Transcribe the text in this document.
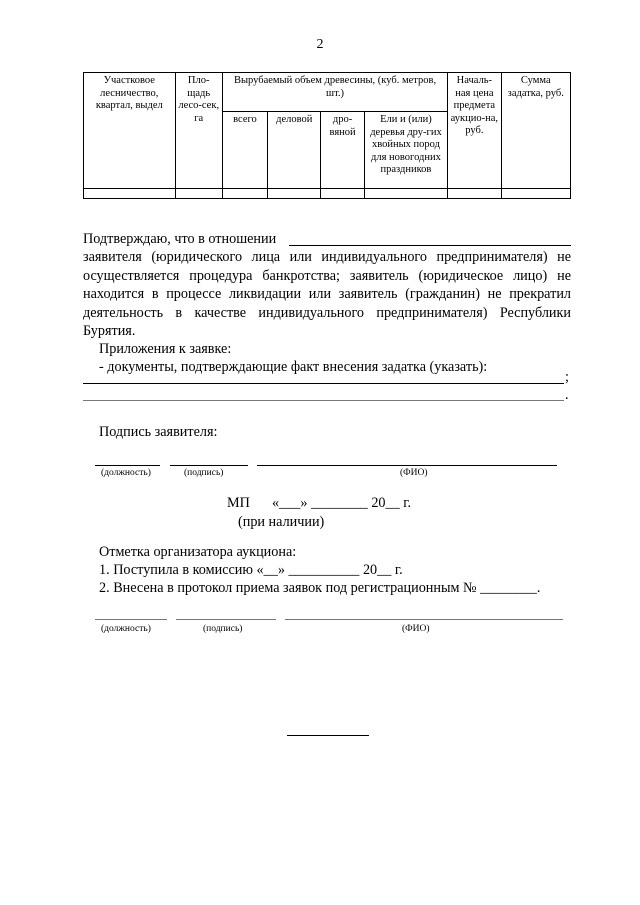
2
Участковое лесничество, квартал, выдел	Пло-щадь лесо-сек, га	Вырубаемый объем древесины, (куб. метров, шт.)				Началь-ная цена предмета аукцио-на, руб.	Сумма задатка, руб.
		всего	деловой	дро-вяной	Ели и (или) деревья дру-гих хвойных пород для новогодних праздников		

Подтверждаю, что в отношении
заявителя (юридического лица или индивидуального предпринимателя) не осуществляется процедура банкротства; заявитель (юридическое лицо) не находится в процессе ликвидации или заявитель (гражданин) не прекратил деятельность в качестве индивидуального предпринимателя) Республики Бурятия.
Приложения к заявке:
- документы, подтверждающие факт внесения задатка (указать):
;
.
Подпись заявителя:
(должность)	(подпись)	(ФИО)
МП «___» ________ 20__ г.
(при наличии)
Отметка организатора аукциона:
1. Поступила в комиссию «__» __________ 20__ г.
2. Внесена в протокол приема заявок под регистрационным № ________.
(должность)	(подпись)	(ФИО)
